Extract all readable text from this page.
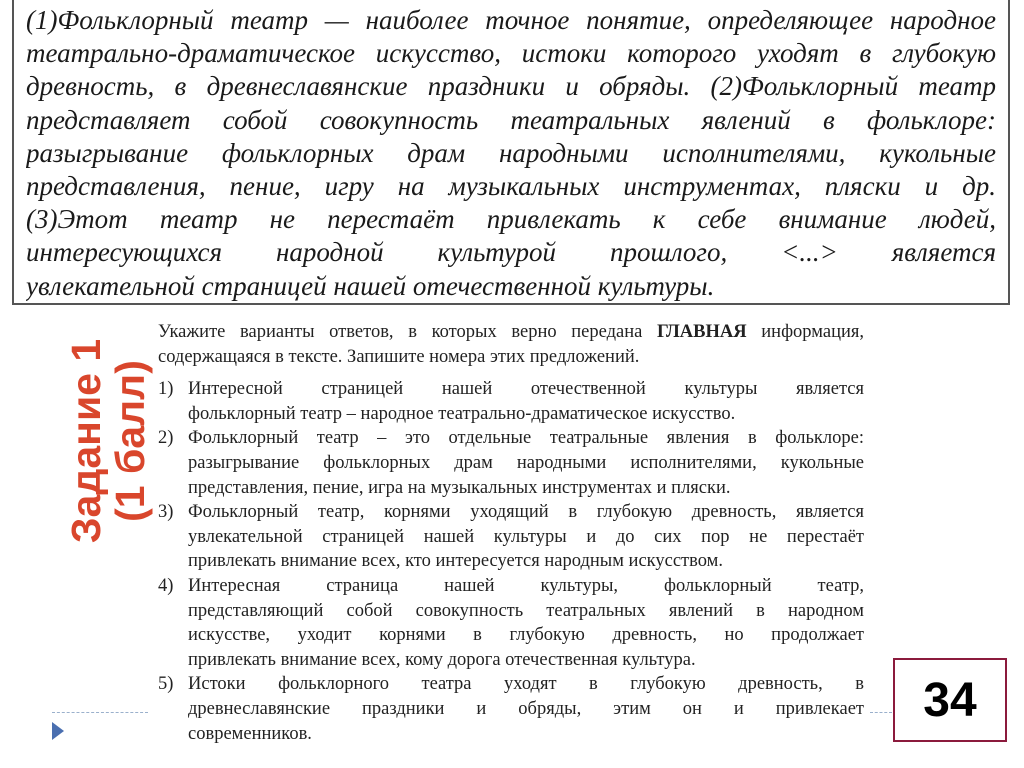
(1)Фольклорный театр — наиболее точное понятие, определяющее народное
театрально-драматическое искусство, истоки которого уходят в глубокую
древность, в древнеславянские праздники и обряды. (2)Фольклорный театр
представляет собой совокупность театральных явлений в фольклоре:
разыгрывание фольклорных драм народными исполнителями, кукольные
представления, пение, игру на музыкальных инструментах, пляски и др.
(3)Этот театр не перестаёт привлекать к себе внимание людей,
интересующихся народной культурой прошлого, <...> является
увлекательной страницей нашей отечественной культуры.
Задание 1
(1 балл)
Укажите варианты ответов, в которых верно передана ГЛАВНАЯ информация, содержащаяся в тексте. Запишите номера этих предложений.
1) Интересной страницей нашей отечественной культуры является
фольклорный театр – народное театрально-драматическое искусство.
2) Фольклорный театр – это отдельные театральные явления в фольклоре:
разыгрывание фольклорных драм народными исполнителями, кукольные
представления, пение, игра на музыкальных инструментах и пляски.
3) Фольклорный театр, корнями уходящий в глубокую древность, является
увлекательной страницей нашей культуры и до сих пор не перестаёт
привлекать внимание всех, кто интересуется народным искусством.
4) Интересная страница нашей культуры, фольклорный театр,
представляющий собой совокупность театральных явлений в народном
искусстве, уходит корнями в глубокую древность, но продолжает
привлекать внимание всех, кому дорога отечественная культура.
5) Истоки фольклорного театра уходят в глубокую древность, в
древнеславянские праздники и обряды, этим он и привлекает
современников.
34
